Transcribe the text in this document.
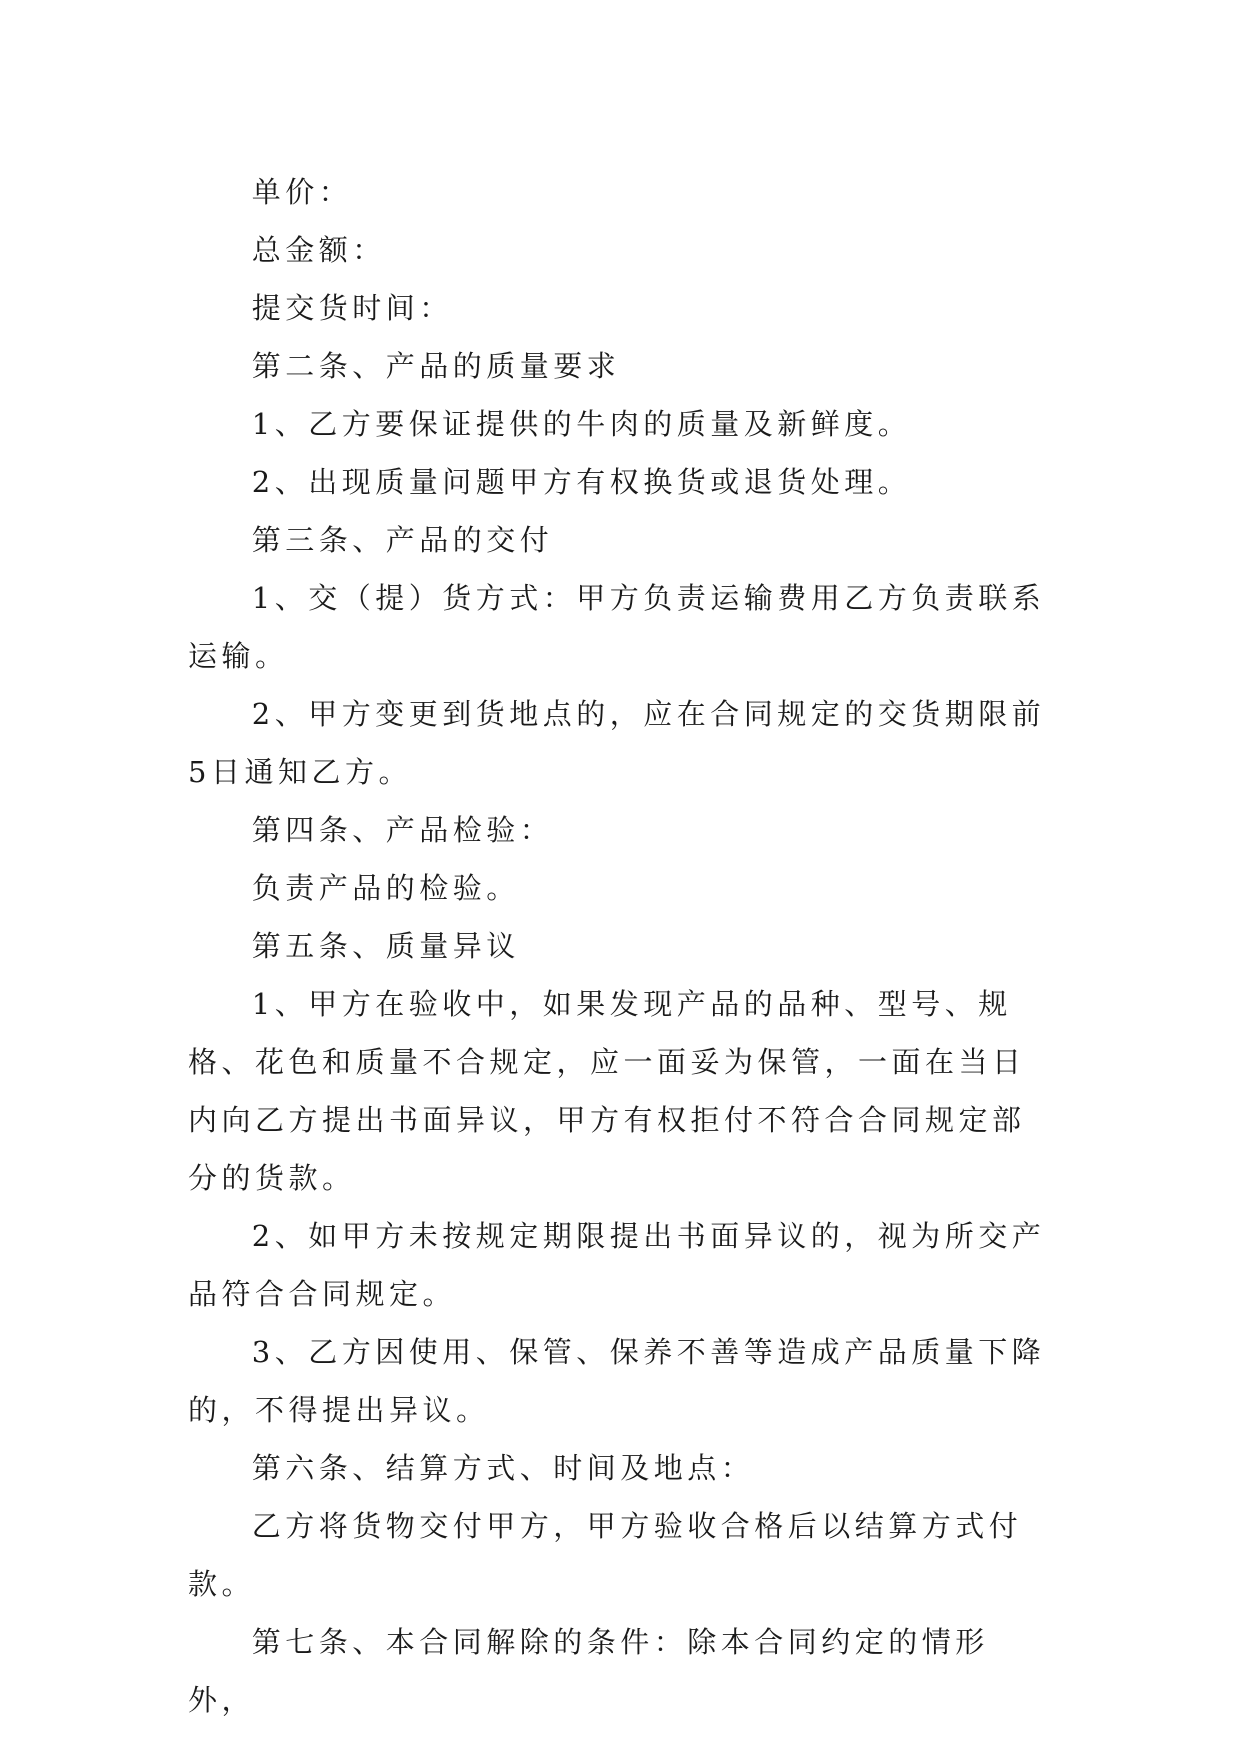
单价：

总金额：

提交货时间：

第二条、产品的质量要求

1、乙方要保证提供的牛肉的质量及新鲜度。

2、出现质量问题甲方有权换货或退货处理。

第三条、产品的交付

1、交（提）货方式：甲方负责运输费用乙方负责联系运输。

2、甲方变更到货地点的，应在合同规定的交货期限前5日通知乙方。

第四条、产品检验：

负责产品的检验。

第五条、质量异议

1、甲方在验收中，如果发现产品的品种、型号、规格、花色和质量不合规定，应一面妥为保管，一面在当日内向乙方提出书面异议，甲方有权拒付不符合合同规定部分的货款。

2、如甲方未按规定期限提出书面异议的，视为所交产品符合合同规定。

3、乙方因使用、保管、保养不善等造成产品质量下降的，不得提出异议。

第六条、结算方式、时间及地点：

乙方将货物交付甲方，甲方验收合格后以结算方式付款。

第七条、本合同解除的条件：除本合同约定的情形外，
